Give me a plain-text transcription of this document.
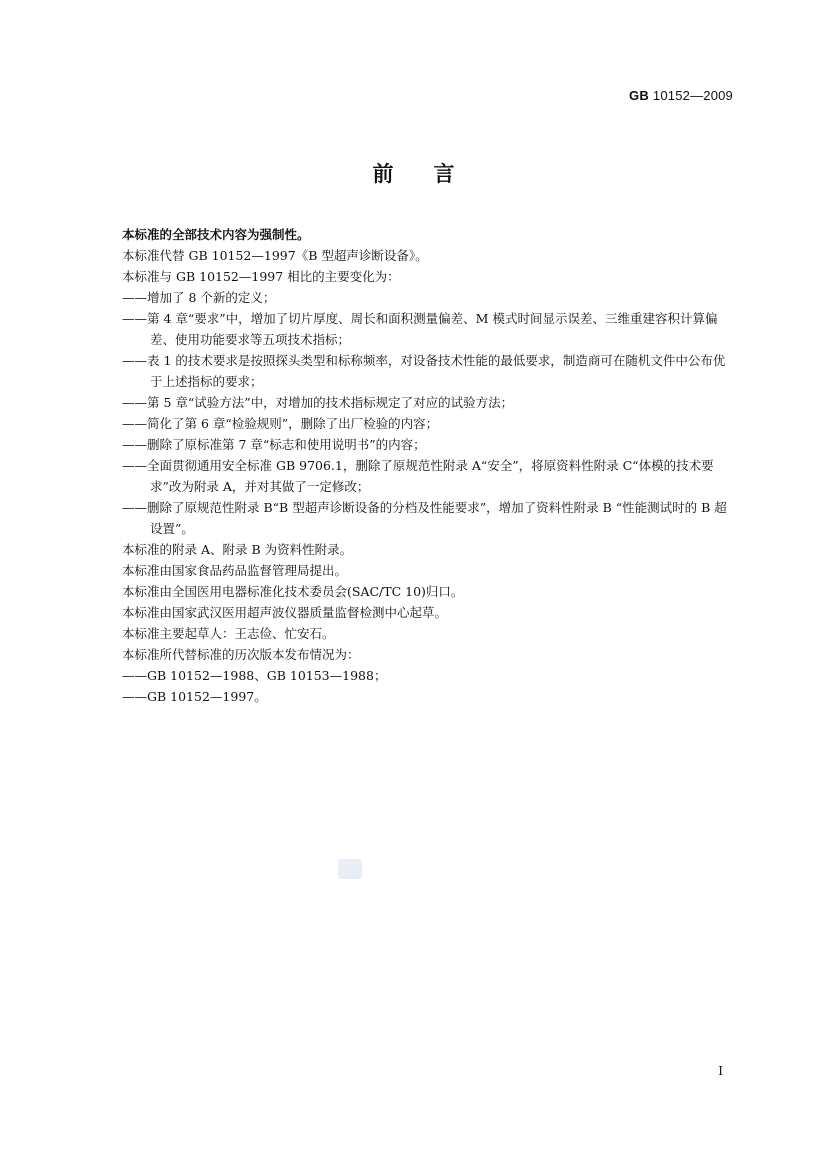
GB 10152—2009
前 言

本标准的全部技术内容为强制性。

本标准代替 GB 10152—1997《B 型超声诊断设备》。

本标准与 GB 10152—1997 相比的主要变化为：

——增加了 8 个新的定义；

——第 4 章“要求”中，增加了切片厚度、周长和面积测量偏差、M 模式时间显示误差、三维重建容积计算偏差、使用功能要求等五项技术指标；

——表 1 的技术要求是按照探头类型和标称频率，对设备技术性能的最低要求，制造商可在随机文件中公布优于上述指标的要求；

——第 5 章“试验方法”中，对增加的技术指标规定了对应的试验方法；

——简化了第 6 章“检验规则”，删除了出厂检验的内容；

——删除了原标准第 7 章“标志和使用说明书”的内容；

——全面贯彻通用安全标准 GB 9706.1，删除了原规范性附录 A“安全”，将原资料性附录 C“体模的技术要求”改为附录 A，并对其做了一定修改；

——删除了原规范性附录 B“B 型超声诊断设备的分档及性能要求”，增加了资料性附录 B “性能测试时的 B 超设置”。

本标准的附录 A、附录 B 为资料性附录。

本标准由国家食品药品监督管理局提出。

本标准由全国医用电器标准化技术委员会(SAC/TC 10)归口。

本标准由国家武汉医用超声波仪器质量监督检测中心起草。

本标准主要起草人：王志俭、忙安石。

本标准所代替标准的历次版本发布情况为：

——GB 10152—1988、GB 10153—1988；

——GB 10152—1997。

I
